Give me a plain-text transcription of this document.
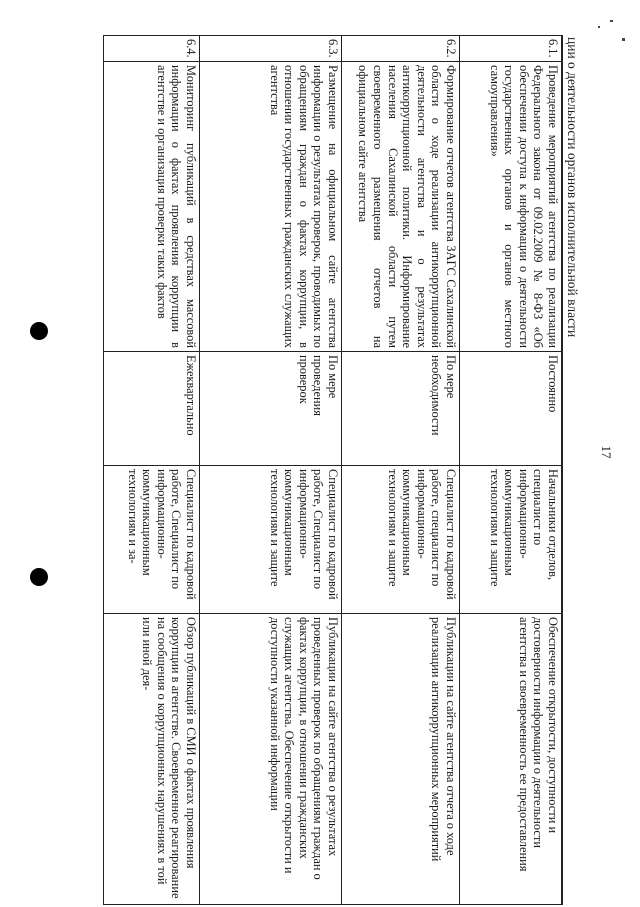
17
ции о деятельности органов исполнительной власти
6.1.	Проведение мероприятий агентства по реализации Федерального закона от 09.02.2009 № 8-ФЗ «Об обеспечении доступа к информации о деятельности государственных органов и органов местного самоуправления»	Постоянно	Начальники отделов, специалист по информационно-коммуникационным технологиям и защите	Обеспечение открытости, доступности и достоверности информации о деятельности агентства и своевременность ее предоставления
6.2.	Формирование отчетов агентства ЗАГС Сахалинской области о ходе реализации антикоррупционной деятельности агентства и о результатах антикоррупционной политики. Информирование населения Сахалинской области путем своевременного размещения отчетов на официальном сайте агентства	По мере необходимости	Специалист по кадровой работе, специалист по информационно-коммуникационным технологиям и защите	Публикации на сайте агентства отчета о ходе реализации антикоррупционных мероприятий
6.3.	Размещение на официальном сайте агентства информации о результатах проверок, проводимых по обращениям граждан о фактах коррупции, в отношении государственных гражданских служащих агентства	По мере проведения проверок	Специалист по кадровой работе, Специалист по информационно-коммуникационным технологиям и защите	Публикации на сайте агентства о результатах проведенных проверок по обращениям граждан о фактах коррупции, в отношении гражданских служащих агентства. Обеспечение открытости и доступности указанной информации
6.4.	Мониторинг публикаций в средствах массовой информации о фактах проявления коррупции в агентстве и организация проверки таких фактов	Ежеквартально	Специалист по кадровой работе, Специалист по информационно-коммуникационным технологиям и за-	Обзор публикаций в СМИ о фактах проявления коррупции в агентстве. Своевременное реагирование на сообщения о коррупционных нарушениях в той или иной дея-
